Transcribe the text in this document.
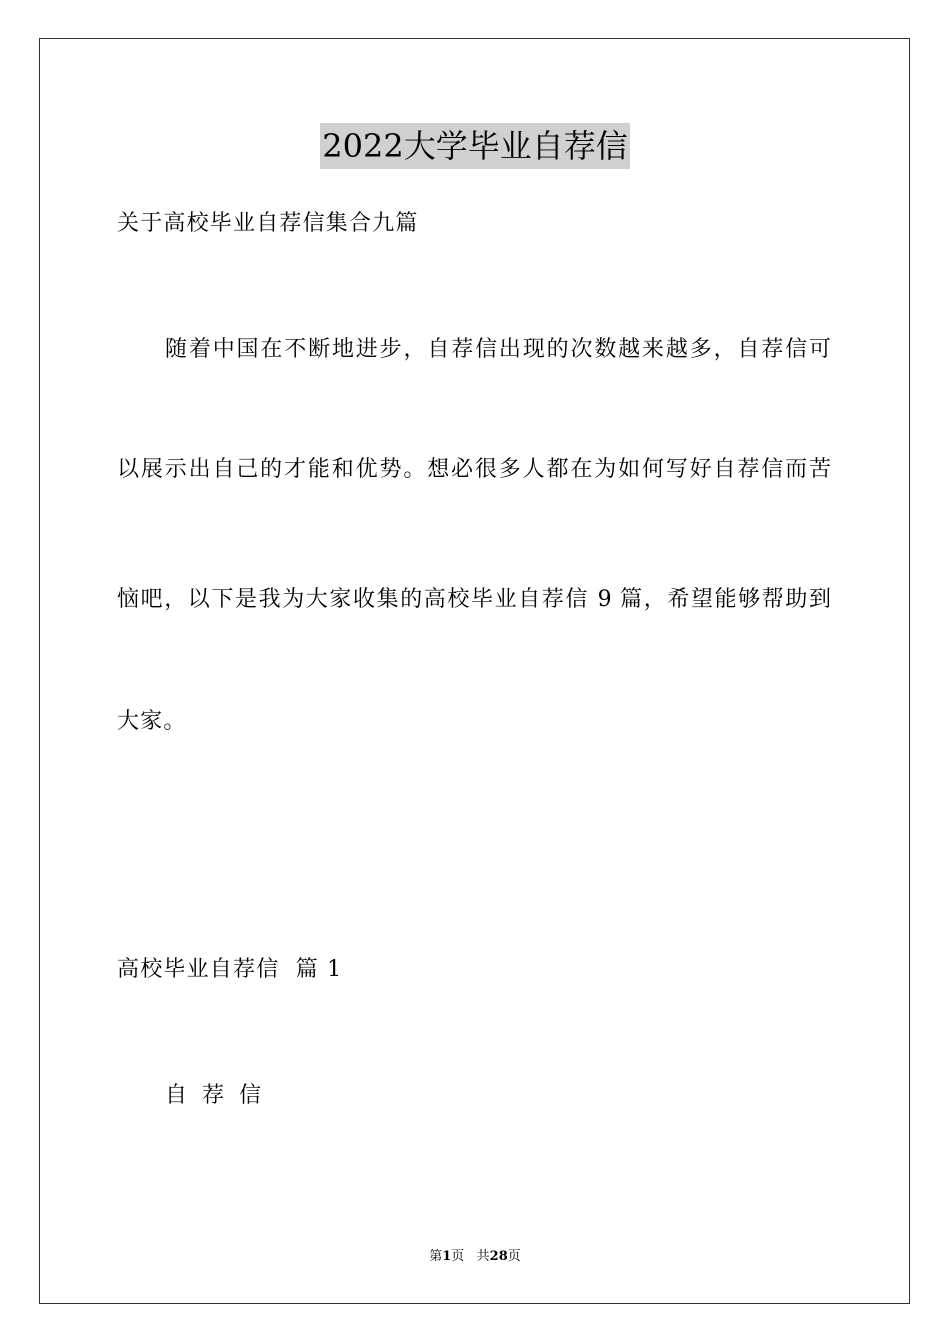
2022大学毕业自荐信
关于高校毕业自荐信集合九篇
随着中国在不断地进步，自荐信出现的次数越来越多，自荐信可
以展示出自己的才能和优势。想必很多人都在为如何写好自荐信而苦
恼吧，以下是我为大家收集的高校毕业自荐信 9 篇，希望能够帮助到
大家。
高校毕业自荐信  篇 1
自荐信
第1页   共28页
